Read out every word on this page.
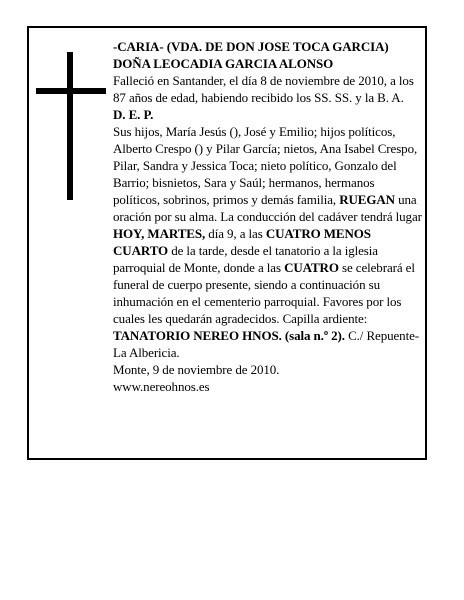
-CARIA- (VDA. DE DON JOSE TOCA GARCIA)

DOÑA LEOCADIA GARCIA ALONSO

Falleció en Santander, el día 8 de noviembre de 2010, a los 87 años de edad, habiendo recibido los SS. SS. y la B. A.

D. E. P.

Sus hijos, María Jesús (), José y Emilio; hijos políticos, Alberto Crespo () y Pilar García; nietos, Ana Isabel Crespo, Pilar, Sandra y Jessica Toca; nieto político, Gonzalo del Barrio; bisnietos, Sara y Saúl; hermanos, hermanos políticos, sobrinos, primos y demás familia, RUEGAN una oración por su alma. La conducción del cadáver tendrá lugar HOY, MARTES, día 9, a las CUATRO MENOS CUARTO de la tarde, desde el tanatorio a la iglesia parroquial de Monte, donde a las CUATRO se celebrará el funeral de cuerpo presente, siendo a continuación su inhumación en el cementerio parroquial. Favores por los cuales les quedarán agradecidos. Capilla ardiente: TANATORIO NEREO HNOS. (sala n.º 2). C./ Repuente-La Albericia.

Monte, 9 de noviembre de 2010.

www.nereohnos.es
